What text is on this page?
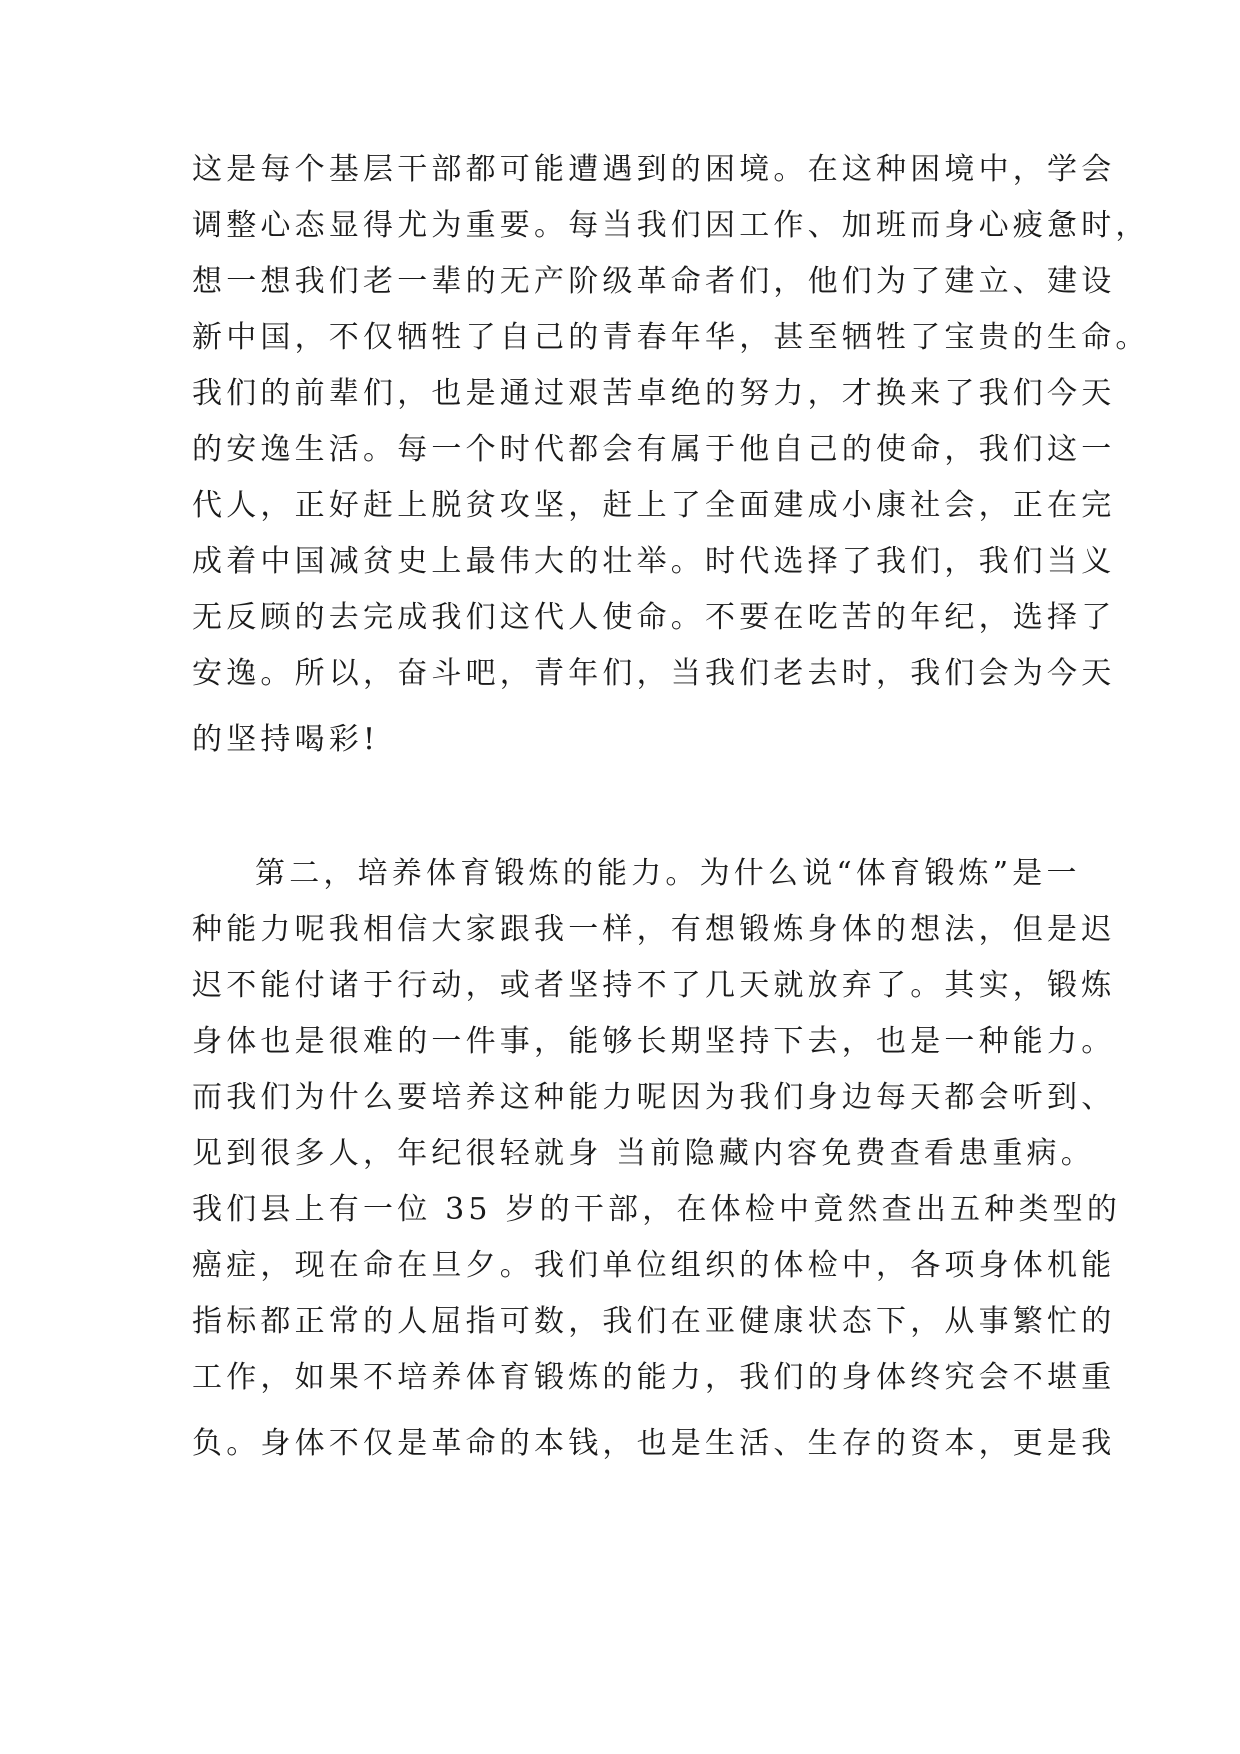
这是每个基层干部都可能遭遇到的困境。在这种困境中，学会
调整心态显得尤为重要。每当我们因工作、加班而身心疲惫时，
想一想我们老一辈的无产阶级革命者们，他们为了建立、建设
新中国，不仅牺牲了自己的青春年华，甚至牺牲了宝贵的生命。
我们的前辈们，也是通过艰苦卓绝的努力，才换来了我们今天
的安逸生活。每一个时代都会有属于他自己的使命，我们这一
代人，正好赶上脱贫攻坚，赶上了全面建成小康社会，正在完
成着中国减贫史上最伟大的壮举。时代选择了我们，我们当义
无反顾的去完成我们这代人使命。不要在吃苦的年纪，选择了
安逸。所以，奋斗吧，青年们，当我们老去时，我们会为今天
的坚持喝彩!
第二，培养体育锻炼的能力。为什么说“体育锻炼”是一
种能力呢我相信大家跟我一样，有想锻炼身体的想法，但是迟
迟不能付诸于行动，或者坚持不了几天就放弃了。其实，锻炼
身体也是很难的一件事，能够长期坚持下去，也是一种能力。
而我们为什么要培养这种能力呢因为我们身边每天都会听到、
见到很多人，年纪很轻就身 当前隐藏内容免费查看患重病。
我们县上有一位 35 岁的干部，在体检中竟然查出五种类型的
癌症，现在命在旦夕。我们单位组织的体检中，各项身体机能
指标都正常的人屈指可数，我们在亚健康状态下，从事繁忙的
工作，如果不培养体育锻炼的能力，我们的身体终究会不堪重
负。身体不仅是革命的本钱，也是生活、生存的资本，更是我
